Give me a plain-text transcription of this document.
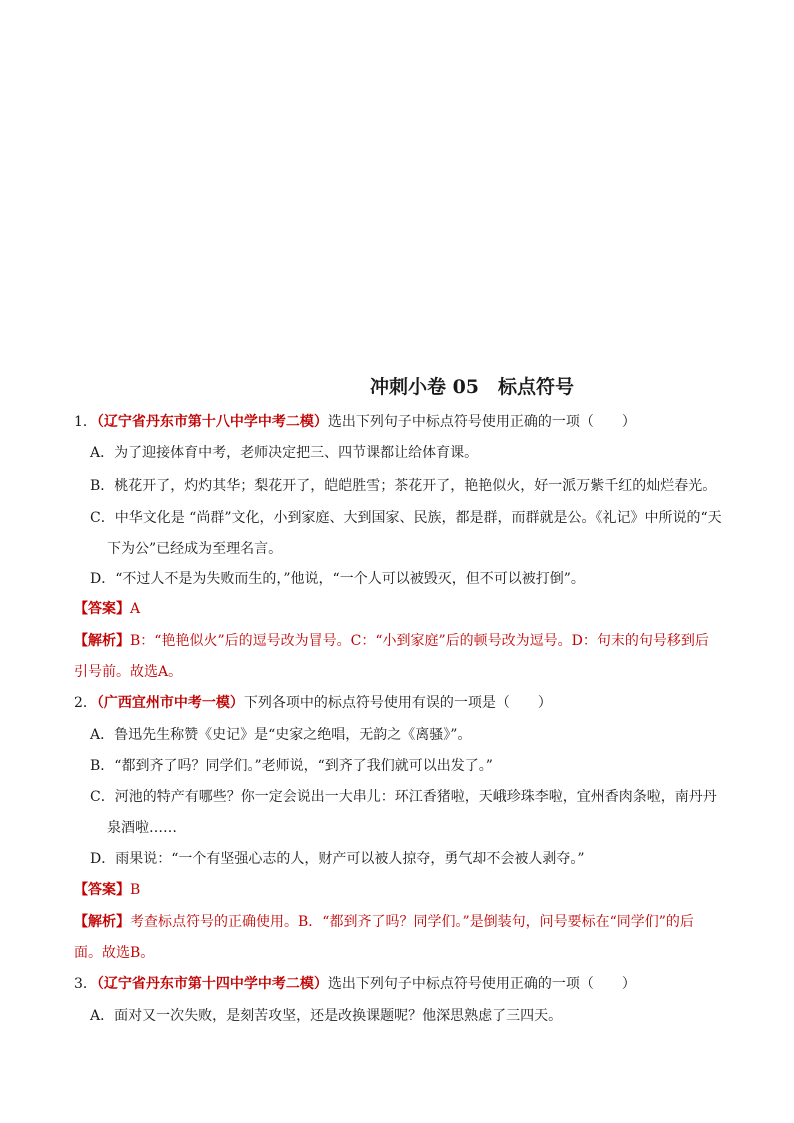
冲刺小卷 05　标点符号
1．（辽宁省丹东市第十八中学中考二模）选出下列句子中标点符号使用正确的一项（　　）
A．为了迎接体育中考，老师决定把三、四节课都让给体育课。
B．桃花开了，灼灼其华；梨花开了，皑皑胜雪；茶花开了，艳艳似火，好一派万紫千红的灿烂春光。
C．中华文化是 “尚群”文化，小到家庭、大到国家、民族，都是群，而群就是公。《礼记》中所说的“天
下为公”已经成为至理名言。
D．“不过人不是为失败而生的，”他说，“一个人可以被毁灭，但不可以被打倒”。
【答案】A
【解析】B：“艳艳似火”后的逗号改为冒号。C：“小到家庭”后的顿号改为逗号。D：句末的句号移到后
引号前。故选A。
2．（广西宜州市中考一模）下列各项中的标点符号使用有误的一项是（　　）
A．鲁迅先生称赞《史记》是“史家之绝唱，无韵之《离骚》”。
B．“都到齐了吗？同学们。”老师说，“到齐了我们就可以出发了。”
C．河池的特产有哪些？你一定会说出一大串儿：环江香猪啦，天峨珍珠李啦，宜州香肉条啦，南丹丹
泉酒啦……
D．雨果说：“一个有坚强心志的人，财产可以被人掠夺，勇气却不会被人剥夺。”
【答案】B
【解析】考查标点符号的正确使用。B．“都到齐了吗？同学们。”是倒装句，问号要标在“同学们”的后
面。故选B。
3．（辽宁省丹东市第十四中学中考二模）选出下列句子中标点符号使用正确的一项（　　）
A．面对又一次失败，是刻苦攻坚，还是改换课题呢？他深思熟虑了三四天。
